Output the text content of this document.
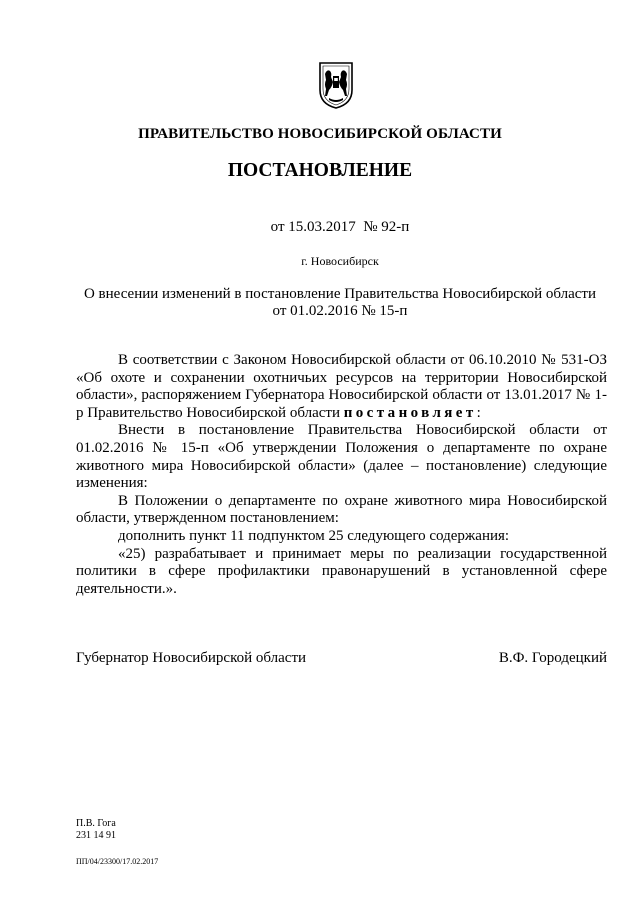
ПРАВИТЕЛЬСТВО НОВОСИБИРСКОЙ ОБЛАСТИ
ПОСТАНОВЛЕНИЕ
от 15.03.2017  № 92-п
г. Новосибирск
О внесении изменений в постановление Правительства Новосибирской области
от 01.02.2016 № 15-п

В соответствии с Законом Новосибирской области от 06.10.2010 № 531-ОЗ «Об охоте и сохранении охотничьих ресурсов на территории Новосибирской области», распоряжением Губернатора Новосибирской области от 13.01.2017 № 1-р Правительство Новосибирской области постановляет:

Внести в постановление Правительства Новосибирской области от 01.02.2016 № 15-п «Об утверждении Положения о департаменте по охране животного мира Новосибирской области» (далее – постановление) следующие изменения:

В Положении о департаменте по охране животного мира Новосибирской области, утвержденном постановлением:

дополнить пункт 11 подпунктом 25 следующего содержания:

«25) разрабатывает и принимает меры по реализации государственной политики в сфере профилактики правонарушений в установленной сфере деятельности.».

Губернатор Новосибирской области	В.Ф. Городецкий
П.В. Гога
231 14 91
ПП/04/23300/17.02.2017
